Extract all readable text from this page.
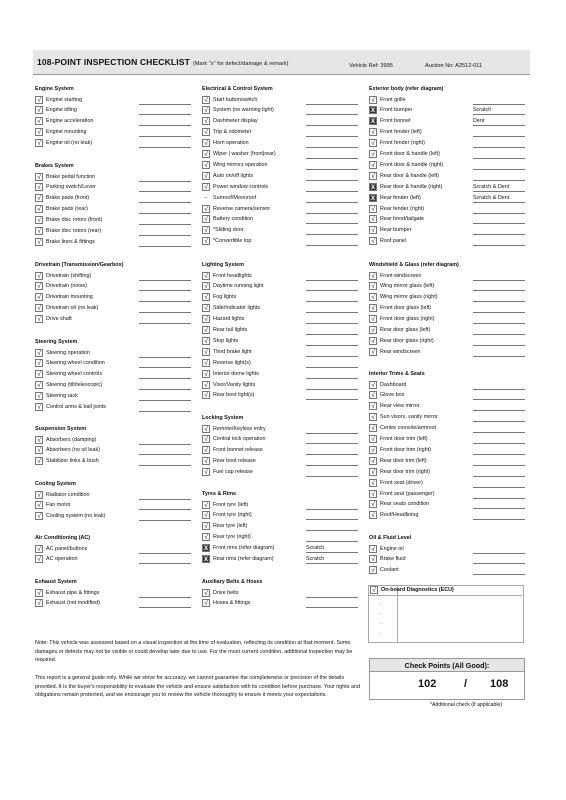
108-POINT INSPECTION CHECKLIST (Mark "x" for defect/damage & remark)	Vehicle Ref: 3995	Auction No: A2512-011
Engine System
√ Engine starting
√ Engine idling
√ Engine acceleration
√ Engine mounting
√ Engine oil (no leak)
Brakes System
√ Brake pedal function
√ Parking switch/Lever
√ Brake pads (front)
√ Brake pads (rear)
√ Brake disc rotors (front)
√ Brake disc rotors (rear)
√ Brake lines & fittings
Drivetrain (Transmission/Gearbox)
√ Drivetrain (shifting)
√ Drivetrain (noise)
√ Drivetrain mounting
√ Drivetrain oil (no leak)
√ Drive shaft
Steering System
√ Steering operation
√ Steering wheel condition
√ Steering wheel controls
√ Steering (tilt/telescopic)
√ Steering rack
√ Control arms & ball joints
Suspension System
√ Absorbers (damping)
√ Absorbers (no oil leak)
√ Stabilizer links & bush
Cooling System
√ Radiator condition
√ Fan motor
√ Cooling system (no leak)
Air Conditioning (AC)
√ AC panel/buttons
√ AC operation
Exhaust System
√ Exhaust pipe & fittings
√ Exhaust (not modified)
Electrical & Control System
√ Start button/switch
√ System (no warning light)
√ Dashmeter display
√ Trip & odometer
√ Horn operation
√ Wiper | washer (front|rear)
√ Wing mirrors operation
√ Auto on/off lights
√ Power window controls
-	Sunroof/Moonroof
√ Reverse camera/sensor
√ Battery condition
√ *Sliding door
√ *Convertible top
Lighting System
√ Front headlights
√ Daytime running light
√ Fog lights
√ Side/Indicator lights
√ Hazard lights
√ Rear tail lights
√ Stop lights
√ Third brake light
√ Reverse light(s)
√ Interior dome lights
√ Visor/Vanity lights
√ Rear boot light(s)
Locking System
√ Remote/Keyless entry
√ Central lock operation
√ Front bonnet release
√ Rear boot release
√ Fuel cap release
Tyres & Rims
√ Front tyre (left)
√ Front tyre (right)
√ Rear tyre (left)
√ Rear tyre (right)
X Front rims (refer diagram)	Scratch
X Rear rims (refer diagram)	Scratch
Auxiliary Belts & Hoses
√ Drive belts
√ Hoses & fittings
Exterior body (refer diagram)
√ Front grille
X Front bumper	Scratch
X Front bonnet	Dent
√ Front fender (left)
√ Front fender (right)
√ Front door & handle (left)
√ Front door & handle (right)
√ Rear door & handle (left)
X Rear door & handle (right)	Scratch & Dent
X Rear fender (left)	Scratch & Dent
√ Rear fender (right)
√ Rear hood/tailgate
√ Rear bumper
√ Roof panel
Windshield & Glass (refer diagram)
√ Front windscreen
√ Wing mirror glass (left)
√ Wing mirror glass (right)
√ Front door glass (left)
√ Front door glass (right)
√ Rear door glass (left)
√ Rear door glass (right)
√ Rear windscreen
Interior Trims & Seats
√ Dashboard
√ Glove box
√ Rear view mirror
√ Sun visors, vanity mirror
√ Centre console/armrest
√ Front door trim (left)
√ Front door trim (right)
√ Rear door trim (left)
√ Rear door trim (right)
√ Front seat (driver)
√ Front seat (passenger)
√ Rear seats condition
√ Roof/Headlining
Oil & Fluid Level
√ Engine oil
√ Brake fluid
√ Coolant
-
-
-
-
√ On-board Diagnostics (ECU)
Note: This vehicle was assessed based on a visual inspection at the time of evaluation, reflecting its condition at that moment. Some damages or defects may not be visible or could develop later due to use. For the most current condition, additional inspection may be required.
This report is a general guide only. While we strive for accuracy, we cannot guarantee the completeness or precision of the details provided. It is the buyer's responsibility to evaluate the vehicle and ensure satisfaction with its condition before purchase. Your rights and obligations remain protected, and we encourage you to review the vehicle thoroughly to ensure it meets your expectations.
Check Points (All Good):
102	/ 108
*Additional check (if applicable)
